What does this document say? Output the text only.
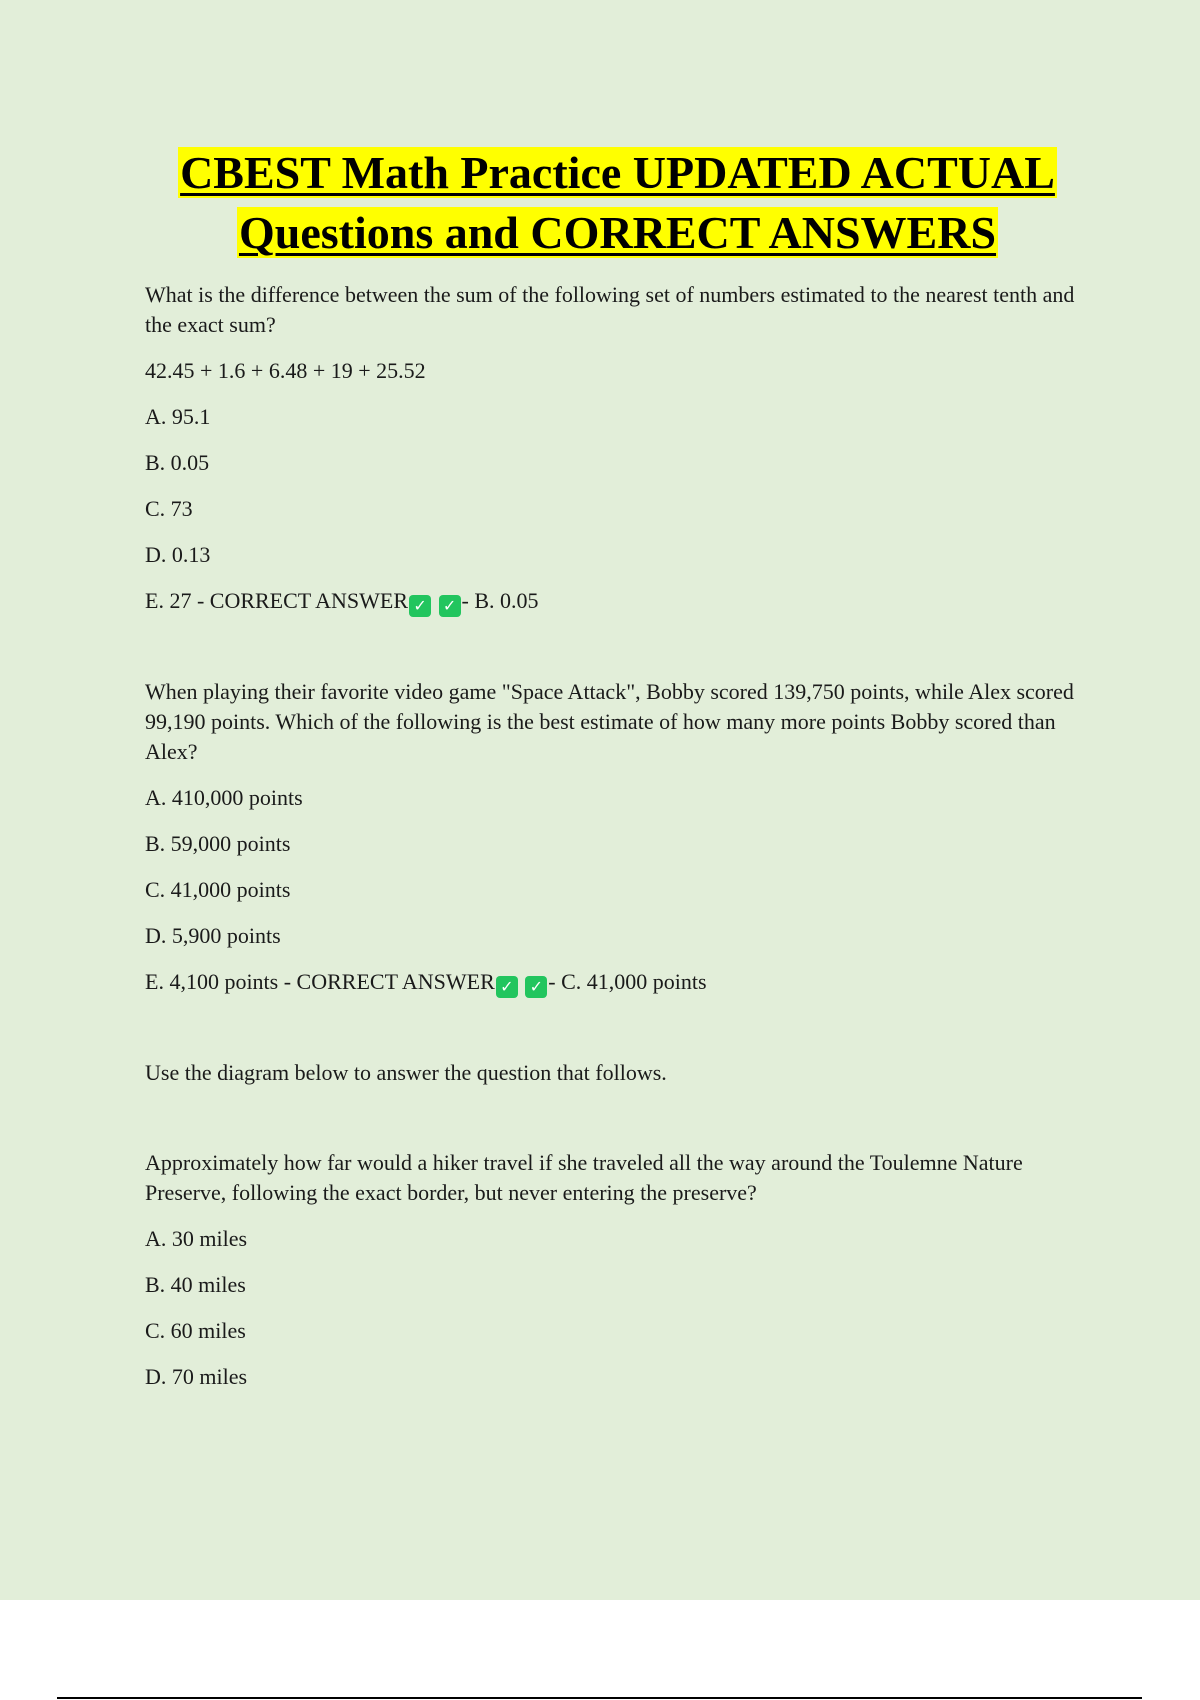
CBEST Math Practice UPDATED ACTUAL
Questions and CORRECT ANSWERS

What is the difference between the sum of the following set of numbers estimated to the nearest tenth and the exact sum?

42.45 + 1.6 + 6.48 + 19 + 25.52

A. 95.1

B. 0.05

C. 73

D. 0.13

E. 27 - CORRECT ANSWER ✓ ✓ - B. 0.05

When playing their favorite video game "Space Attack", Bobby scored 139,750 points, while Alex scored 99,190 points. Which of the following is the best estimate of how many more points Bobby scored than Alex?

A. 410,000 points

B. 59,000 points

C. 41,000 points

D. 5,900 points

E. 4,100 points - CORRECT ANSWER ✓ ✓ - C. 41,000 points

Use the diagram below to answer the question that follows.

Approximately how far would a hiker travel if she traveled all the way around the Toulemne Nature Preserve, following the exact border, but never entering the preserve?

A. 30 miles

B. 40 miles

C. 60 miles

D. 70 miles
